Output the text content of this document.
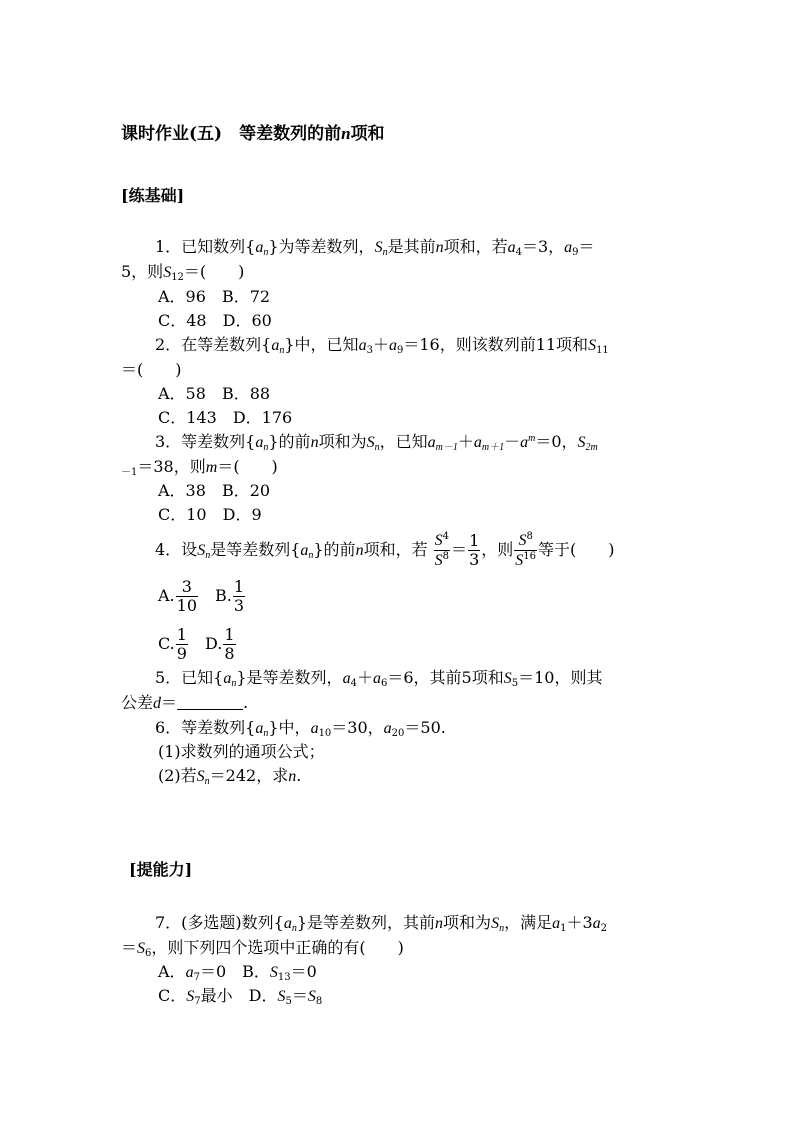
课时作业(五)　等差数列的前n项和
[练基础]
1．已知数列$\{a_n\}$为等差数列，$S_n$是其前n项和，若$a_4=3$，$a_9=$
5，则$S_{12}=$(　　)
A．96　 B．72
C．48　 D．60
2．在等差数列$\{a_n\}$中，已知$a_3+a_9=16$，则该数列前11项和$S_{11}$
＝(　　)
A．58　 B．88
C．143　 D．176
3．等差数列$\{a_n\}$的前n项和为$S_n$，已知$a_{m-1}+a_{m+1}-a^m=0$，$S_{2m}$
$_{-1}$＝38，则m＝(　　)
A．38　 B．20
C．10　 D．9
4．设$S_n$是等差数列$\{a_n\}$的前n项和，若 $\frac{S^4}{S^8} = \frac{1}{3}$ ，则 $\frac{S^8}{S^{16}}$ 等于(　　)
A. $\frac{3}{10}$
　 B. $\frac{1}{3}$
C. $\frac{1}{9}$
　 D. $\frac{1}{8}$
5．已知$\{a_n\}$是等差数列，$a_4+a_6=6$，其前5项和$S_5=10$，则其
公差d＝	.
6．等差数列$\{a_n\}$中，$a_{10}=30$，$a_{20}=50$.
(1)求数列的通项公式；
(2)若$S_n=242$，求n.
[提能力]
7．(多选题)数列$\{a_n\}$是等差数列，其前n项和为$S_n$，满足$a_1+3a_2$
$=S_6$，则下列四个选项中正确的有(　　)
A．$a_7=0$　 B．$S_{13}=0$
C．$S_7$最小　 D．$S_5=S_8$
